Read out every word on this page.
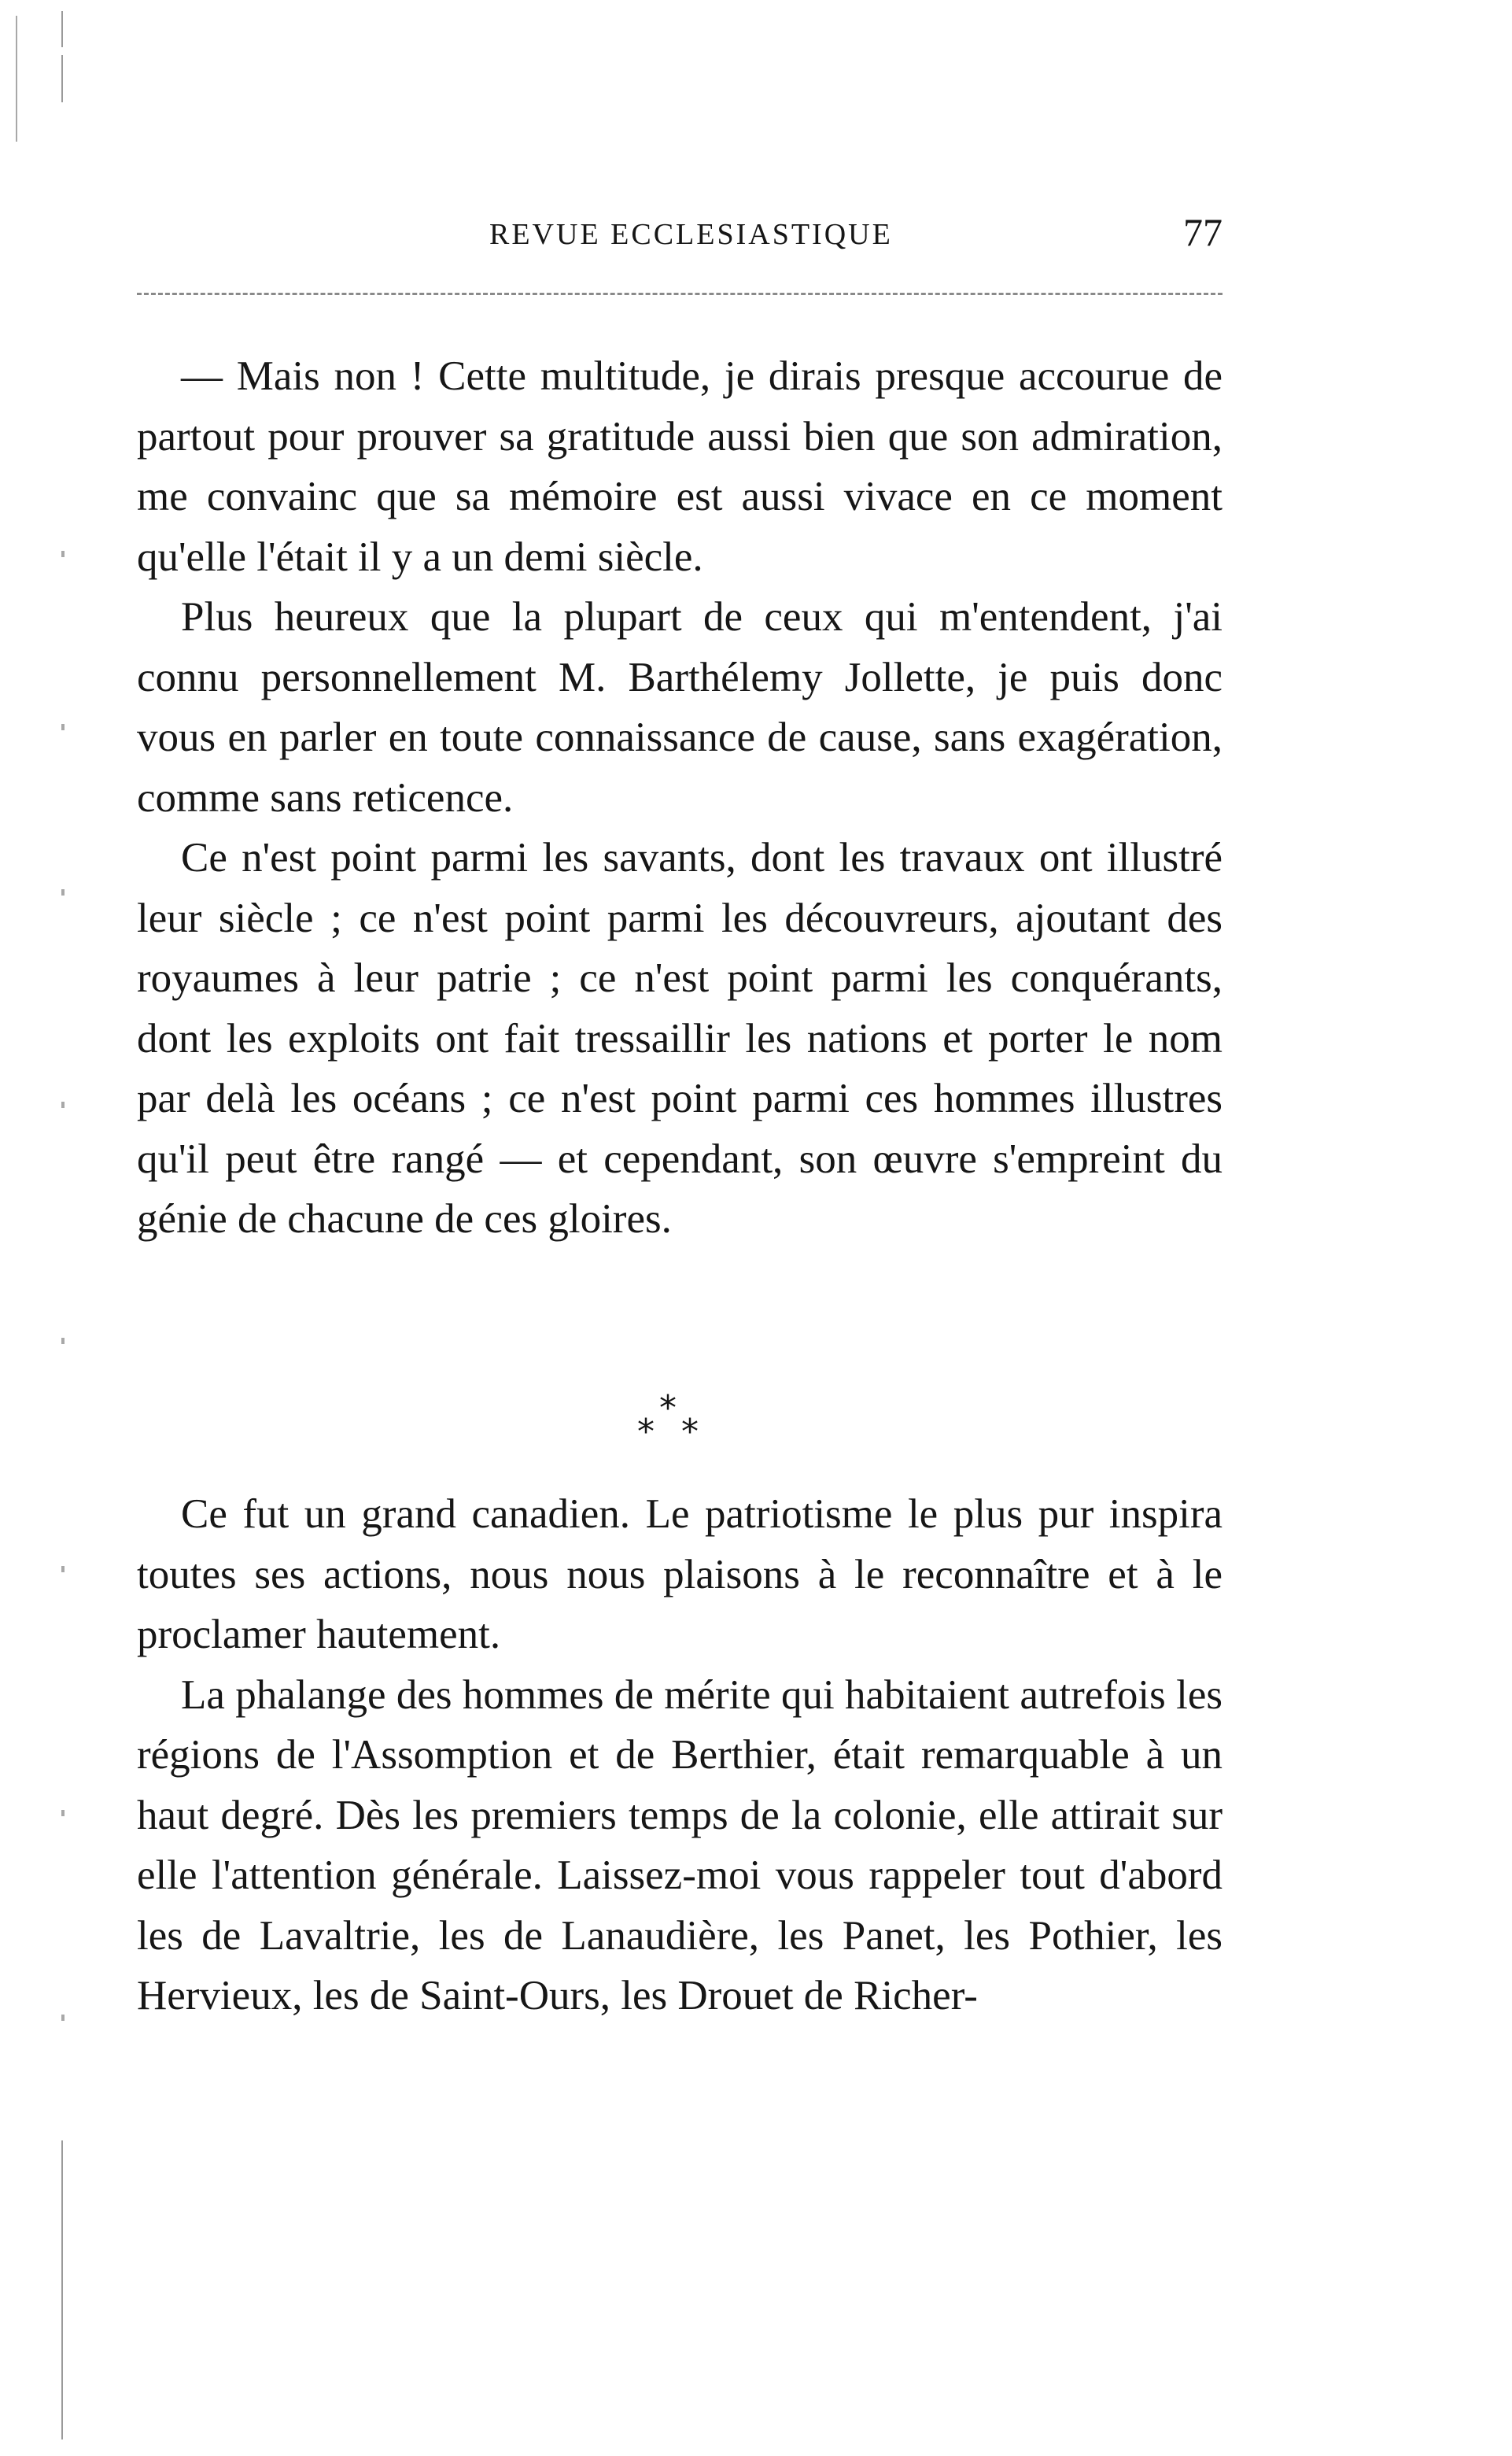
REVUE ECCLESIASTIQUE	77

— Mais non ! Cette multitude, je dirais presque accourue de partout pour prouver sa gratitude aussi bien que son admiration, me convainc que sa mémoire est aussi vivace en ce moment qu'elle l'était il y a un demi siècle.

Plus heureux que la plupart de ceux qui m'entendent, j'ai connu personnellement M. Barthélemy Jollette, je puis donc vous en parler en toute connaissance de cause, sans exagération, comme sans reticence.

Ce n'est point parmi les savants, dont les travaux ont illustré leur siècle ; ce n'est point parmi les découvreurs, ajoutant des royaumes à leur patrie ; ce n'est point parmi les conquérants, dont les exploits ont fait tressaillir les nations et porter le nom par delà les océans ; ce n'est point parmi ces hommes illustres qu'il peut être rangé — et cependant, son œuvre s'empreint du génie de chacune de ces gloires.

*
* *

Ce fut un grand canadien. Le patriotisme le plus pur inspira toutes ses actions, nous nous plaisons à le reconnaître et à le proclamer hautement.

La phalange des hommes de mérite qui habitaient autrefois les régions de l'Assomption et de Berthier, était remarquable à un haut degré. Dès les premiers temps de la colonie, elle attirait sur elle l'attention générale. Laissez-moi vous rappeler tout d'abord les de Lavaltrie, les de Lanaudière, les Panet, les Pothier, les Hervieux, les de Saint-Ours, les Drouet de Richer-
